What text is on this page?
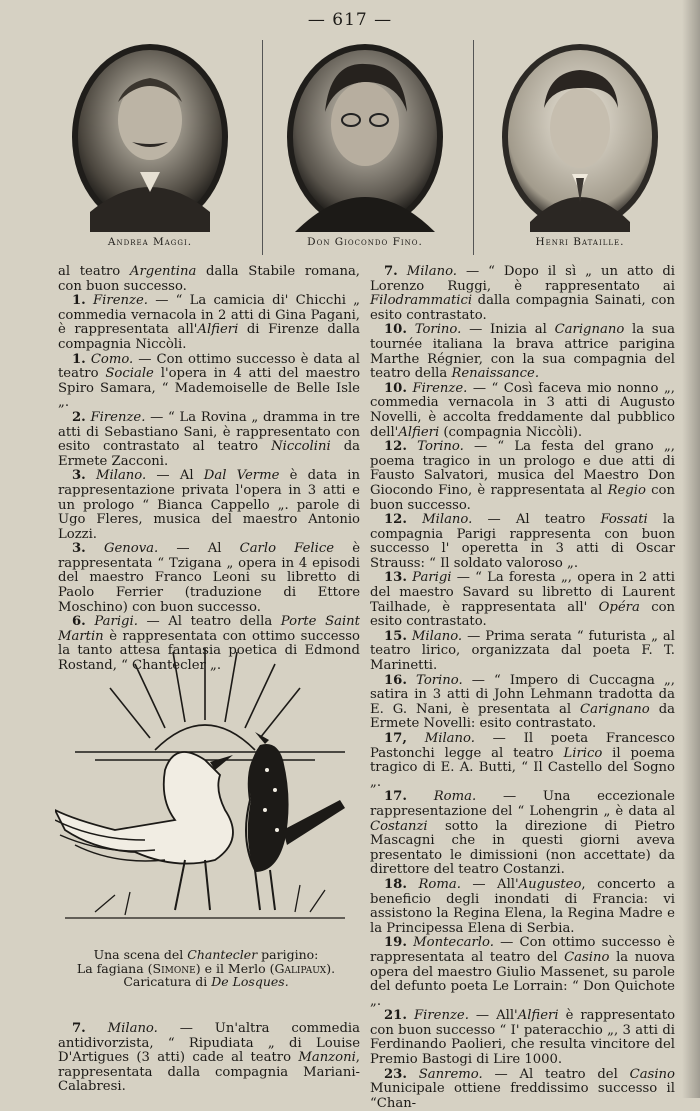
— 617 —
Andrea Maggi.	Don Giocondo Fino.	Henri Bataille.

al teatro Argentina dalla Stabile romana, con buon successo.

1. Firenze. — “ La camicia di' Chicchi „ commedia vernacola in 2 atti di Gina Pagani, è rappresentata all'Alfieri di Firenze dalla compagnia Niccòli.

1. Como. — Con ottimo successo è data al teatro Sociale l'opera in 4 atti del maestro Spiro Samara, “ Mademoiselle de Belle Isle „.

2. Firenze. — “ La Rovina „ dramma in tre atti di Sebastiano Sani, è rappresentato con esito contrastato al teatro Niccolini da Ermete Zacconi.

3. Milano. — Al Dal Verme è data in rappresentazione privata l'opera in 3 atti e un prologo “ Bianca Cappello „. parole di Ugo Fleres, musica del maestro Antonio Lozzi.

3. Genova. — Al Carlo Felice è rappresentata “ Tzigana „ opera in 4 episodi del maestro Franco Leoni su libretto di Paolo Ferrier (traduzione di Ettore Moschino) con buon successo.

6. Parigi. — Al teatro della Porte Saint Martin è rappresentata con ottimo successo la tanto attesa fantasia poetica di Edmond Rostand, “ Chantecler „.

Una scena del Chantecler parigino:
La fagiana (Simone) e il Merlo (Galipaux).
Caricatura di De Losques.

7. Milano. — Un'altra commedia antidivorzista, “ Ripudiata „ di Louise D'Artigues (3 atti) cade al teatro Manzoni, rappresentata dalla compagnia Mariani-Calabresi.

7. Milano. — “ Dopo il sì „ un atto di Lorenzo Ruggi, è rappresentato ai Filodrammatici dalla compagnia Sainati, con esito contrastato.

10. Torino. — Inizia al Carignano la sua tournée italiana la brava attrice parigina Marthe Régnier, con la sua compagnia del teatro della Renaissance.

10. Firenze. — “ Così faceva mio nonno „, commedia vernacola in 3 atti di Augusto Novelli, è accolta freddamente dal pubblico dell'Alfieri (compagnia Niccòli).

12. Torino. — “ La festa del grano „, poema tragico in un prologo e due atti di Fausto Salvatori, musica del Maestro Don Giocondo Fino, è rappresentata al Regio con buon successo.

12. Milano. — Al teatro Fossati la compagnia Parigi rappresenta con buon successo l' operetta in 3 atti di Oscar Strauss: “ Il soldato valoroso „.

13. Parigi — “ La foresta „, opera in 2 atti del maestro Savard su libretto di Laurent Tailhade, è rappresentata all' Opéra con esito contrastato.

15. Milano. — Prima serata “ futurista „ al teatro lirico, organizzata dal poeta F. T. Marinetti.

16. Torino. — “ Impero di Cuccagna „, satira in 3 atti di John Lehmann tradotta da E. G. Nani, è presentata al Carignano da Ermete Novelli: esito contrastato.

17, Milano. — Il poeta Francesco Pastonchi legge al teatro Lirico il poema tragico di E. A. Butti, “ Il Castello del Sogno „.

17. Roma. — Una eccezionale rappresentazione del “ Lohengrin „ è data al Costanzi sotto la direzione di Pietro Mascagni che in questi giorni aveva presentato le dimissioni (non accettate) da direttore del teatro Costanzi.

18. Roma. — All'Augusteo, concerto a beneficio degli inondati di Francia: vi assistono la Regina Elena, la Regina Madre e la Principessa Elena di Serbia.

19. Montecarlo. — Con ottimo successo è rappresentata al teatro del Casino la nuova opera del maestro Giulio Massenet, su parole del defunto poeta Le Lorrain: “ Don Quichote „.

21. Firenze. — All'Alfieri è rappresentato con buon successo “ I' pateracchio „, 3 atti di Ferdinando Paolieri, che resulta vincitore del Premio Bastogi di Lire 1000.

23. Sanremo. — Al teatro del Casino Municipale ottiene freddissimo successo il “Chan-
